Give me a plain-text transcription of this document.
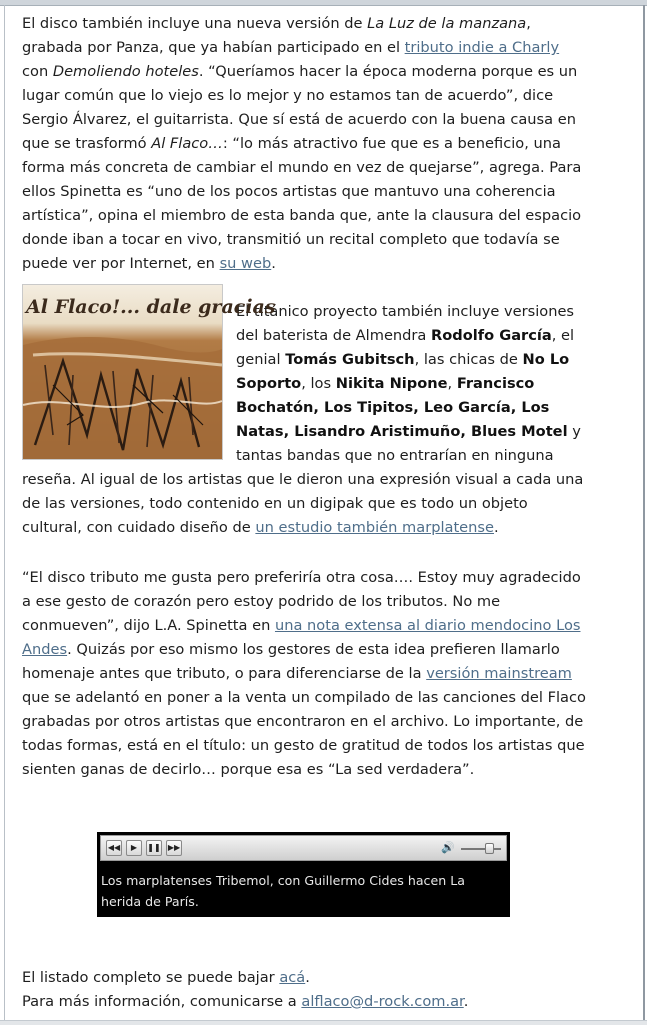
El disco también incluye una nueva versión de La Luz de la manzana, grabada por Panza, que ya habían participado en el tributo indie a Charly con Demoliendo hoteles. “Queríamos hacer la época moderna porque es un lugar común que lo viejo es lo mejor y no estamos tan de acuerdo”, dice Sergio Álvarez, el guitarrista. Que sí está de acuerdo con la buena causa en que se trasformó Al Flaco…: “lo más atractivo fue que es a beneficio, una forma más concreta de cambiar el mundo en vez de quejarse”, agrega. Para ellos Spinetta es “uno de los pocos artistas que mantuvo una coherencia artística”, opina el miembro de esta banda que, ante la clausura del espacio donde iban a tocar en vivo, transmitió un recital completo que todavía se puede ver por Internet, en su web.

Al Flaco!... dale gracias

El titánico proyecto también incluye versiones del baterista de Almendra Rodolfo García, el genial Tomás Gubitsch, las chicas de No Lo Soporto, los Nikita Nipone, Francisco Bochatón, Los Tipitos, Leo García, Los Natas, Lisandro Aristimuño, Blues Motel y tantas bandas que no entrarían en ninguna reseña. Al igual de los artistas que le dieron una expresión visual a cada una de las versiones, todo contenido en un digipak que es todo un objeto cultural, con cuidado diseño de un estudio también marplatense.

“El disco tributo me gusta pero preferiría otra cosa…. Estoy muy agradecido a ese gesto de corazón pero estoy podrido de los tributos. No me conmueven”, dijo L.A. Spinetta en una nota extensa al diario mendocino Los Andes. Quizás por eso mismo los gestores de esta idea prefieren llamarlo homenaje antes que tributo, o para diferenciarse de la versión mainstream que se adelantó en poner a la venta un compilado de las canciones del Flaco grabadas por otros artistas que encontraron en el archivo. Lo importante, de todas formas, está en el título: un gesto de gratitud de todos los artistas que sienten ganas de decirlo… porque esa es “La sed verdadera”.

◀◀	▶	❚❚ ▶▶	🔊
Los marplatenses Tribemol, con Guillermo Cides hacen La herida de París.
El listado completo se puede bajar acá.
Para más información, comunicarse a alflaco@d-rock.com.ar.
